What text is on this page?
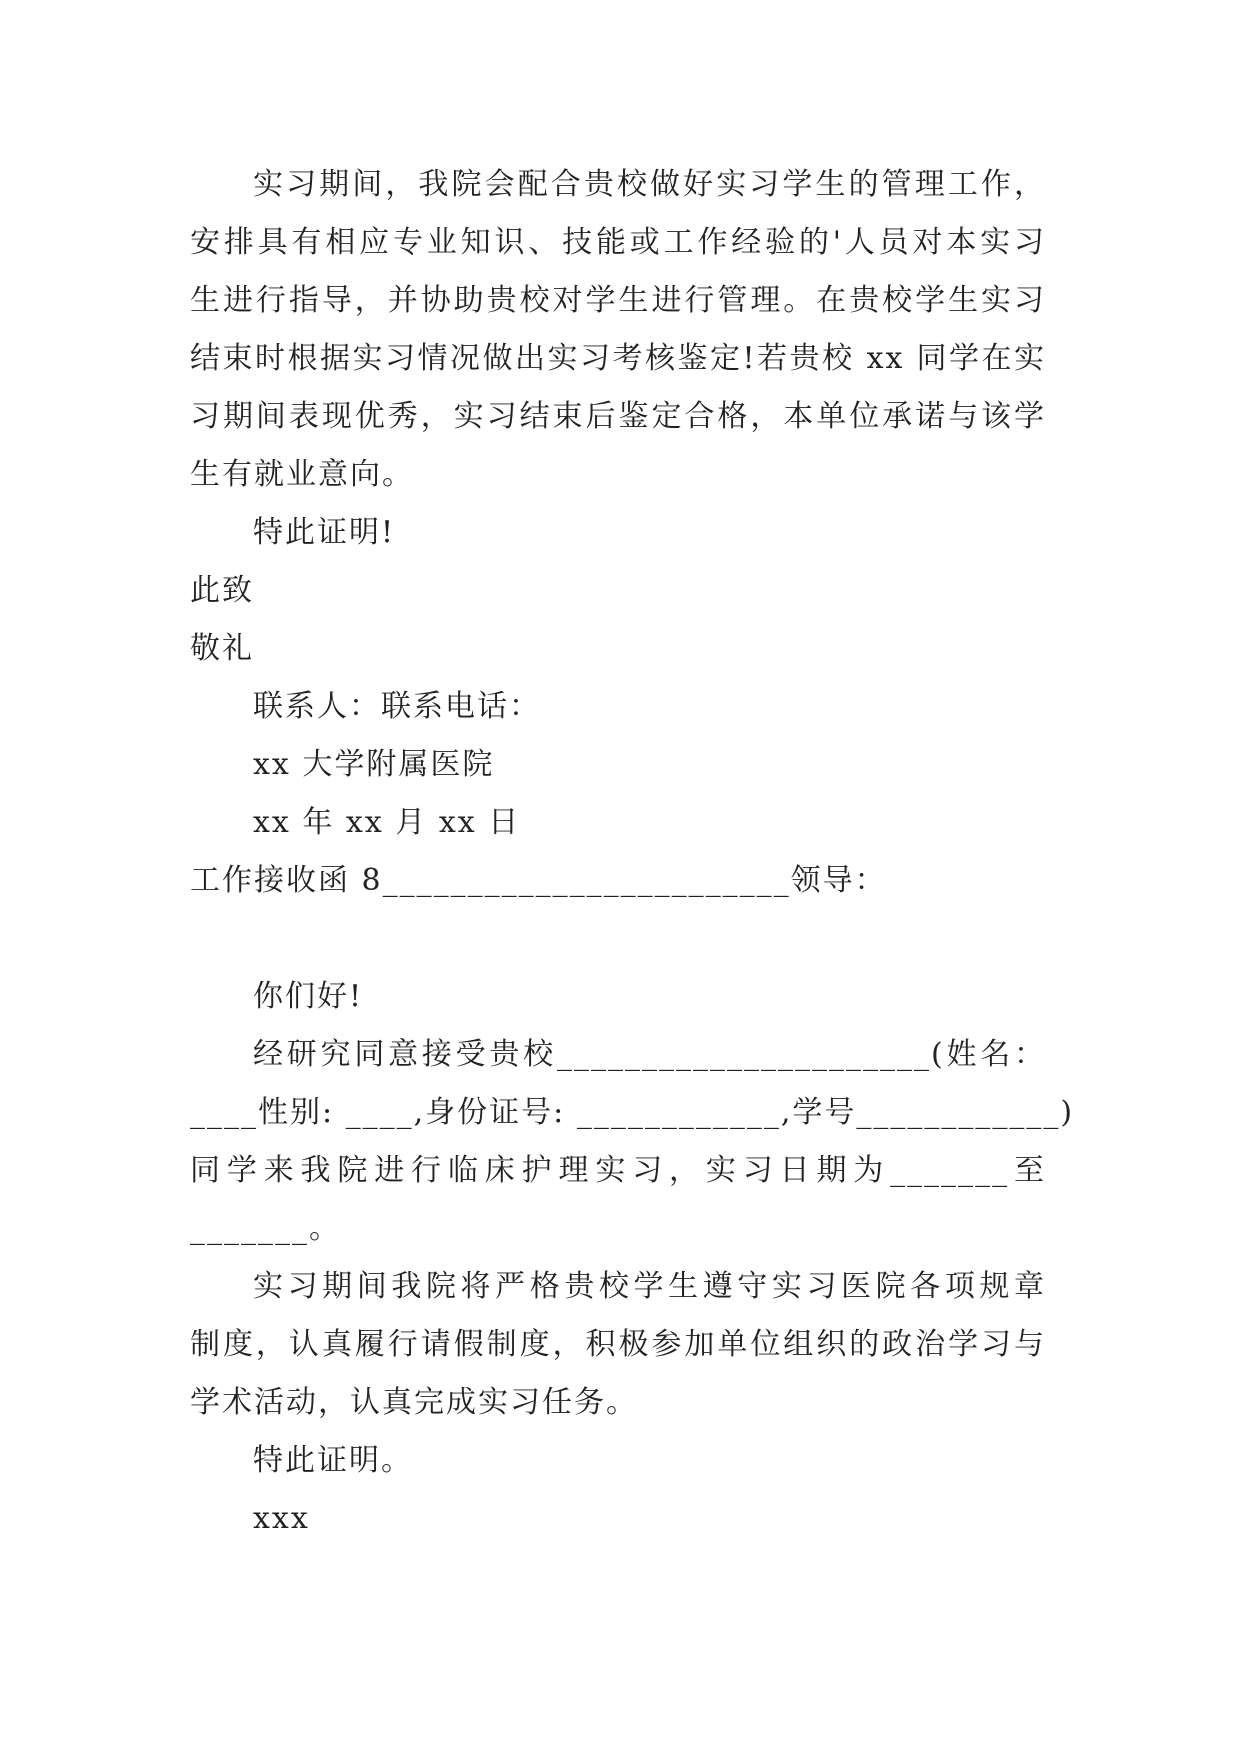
实习期间，我院会配合贵校做好实习学生的管理工作，
安排具有相应专业知识、技能或工作经验的'人员对本实习
生进行指导，并协助贵校对学生进行管理。在贵校学生实习
结束时根据实习情况做出实习考核鉴定!若贵校 xx 同学在实
习期间表现优秀，实习结束后鉴定合格，本单位承诺与该学
生有就业意向。
特此证明!
此致
敬礼
联系人：联系电话：
xx 大学附属医院
xx 年 xx 月 xx 日
工作接收函 8________________________领导：
你们好!
经研究同意接受贵校______________________(姓名：
____性别: ____,身份证号: ____________,学号____________)
同学来我院进行临床护理实习，实习日期为_______至
_______。
实习期间我院将严格贵校学生遵守实习医院各项规章
制度，认真履行请假制度，积极参加单位组织的政治学习与
学术活动，认真完成实习任务。
特此证明。
xxx
